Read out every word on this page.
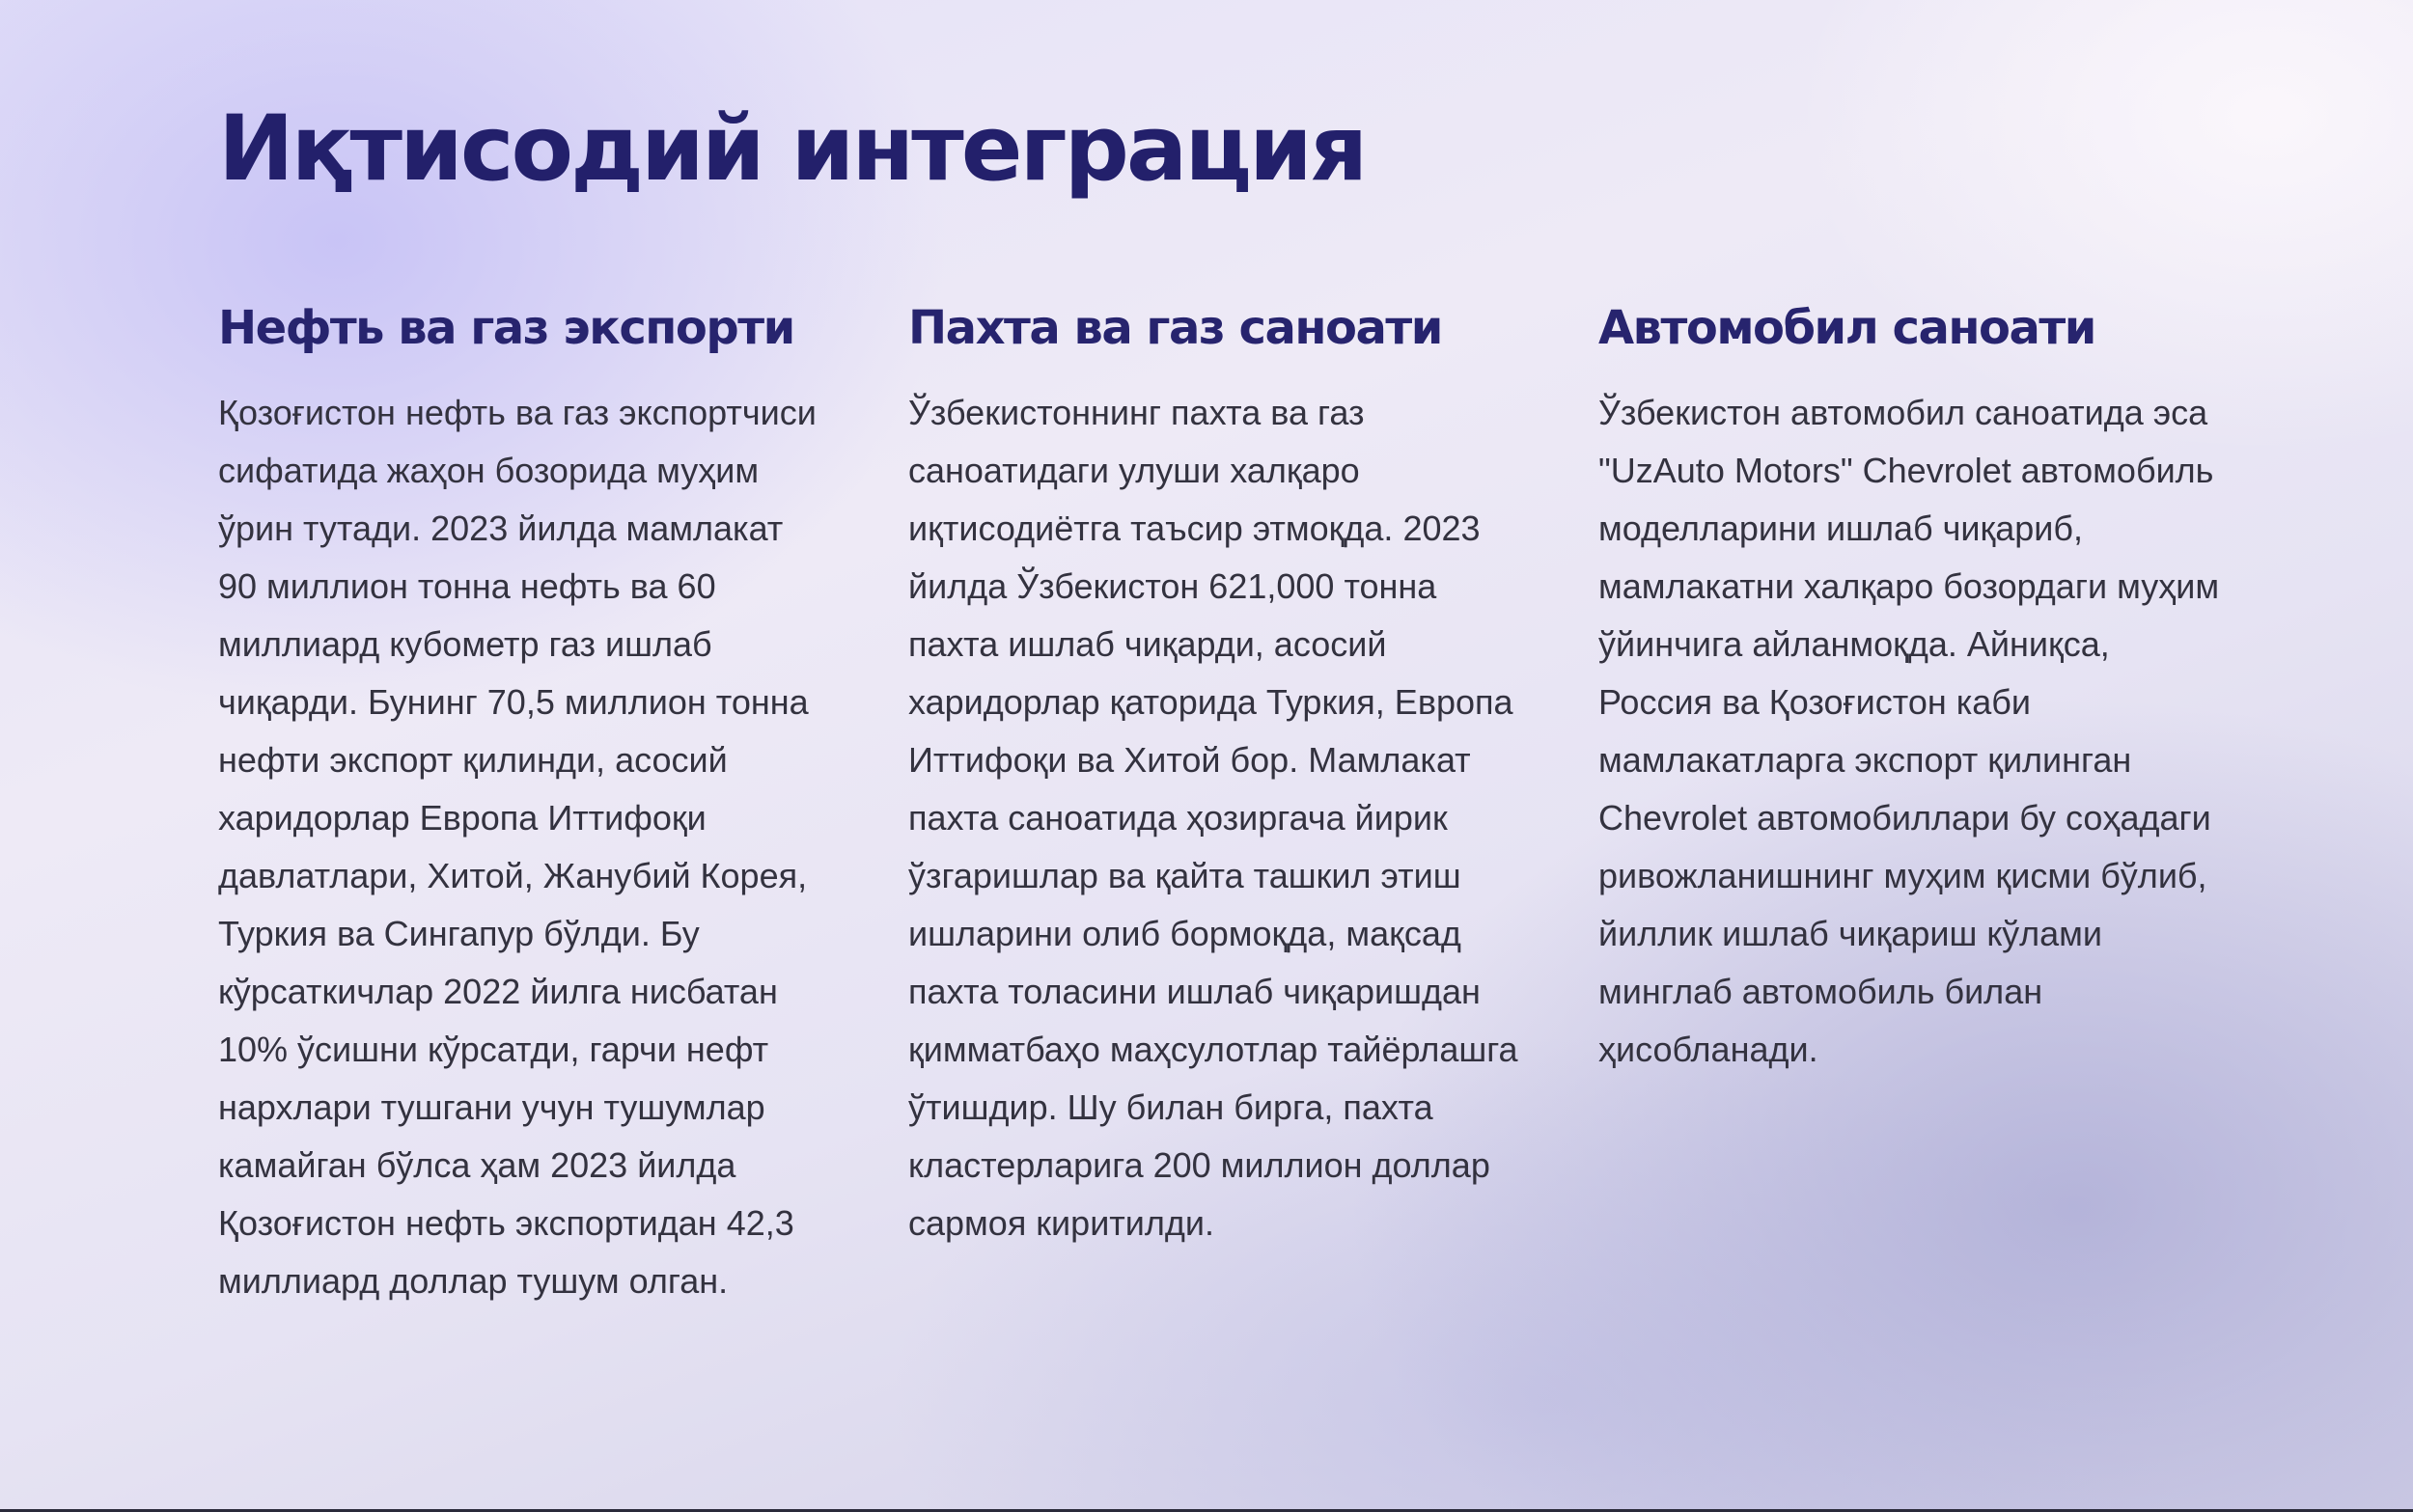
Иқтисодий интеграция
Нефть ва газ экспорти

Қозоғистон нефть ва газ экспортчиси сифатида жаҳон бозорида муҳим ўрин тутади. 2023 йилда мамлакат 90 миллион тонна нефть ва 60 миллиард кубометр газ ишлаб чиқарди. Бунинг 70,5 миллион тонна нефти экспорт қилинди, асосий харидорлар Европа Иттифоқи давлатлари, Хитой, Жанубий Корея, Туркия ва Сингапур бўлди. Бу кўрсаткичлар 2022 йилга нисбатан 10% ўсишни кўрсатди, гарчи нефт нархлари тушгани учун тушумлар камайган бўлса ҳам 2023 йилда Қозоғистон нефть экспортидан 42,3 миллиард доллар тушум олган.

Пахта ва газ саноати

Ўзбекистоннинг пахта ва газ саноатидаги улуши халқаро иқтисодиётга таъсир этмоқда. 2023 йилда Ўзбекистон 621,000 тонна пахта ишлаб чиқарди, асосий харидорлар қаторида Туркия, Европа Иттифоқи ва Хитой бор. Мамлакат пахта саноатида ҳозиргача йирик ўзгаришлар ва қайта ташкил этиш ишларини олиб бормоқда, мақсад пахта толасини ишлаб чиқаришдан қимматбаҳо маҳсулотлар тайёрлашга ўтишдир. Шу билан бирга, пахта кластерларига 200 миллион доллар сармоя киритилди.

Автомобил саноати

Ўзбекистон автомобил саноатида эса "UzAuto Motors" Chevrolet автомобиль моделларини ишлаб чиқариб, мамлакатни халқаро бозордаги муҳим ўйинчига айланмоқда. Айниқса, Россия ва Қозоғистон каби мамлакатларга экспорт қилинган Chevrolet автомобиллари бу соҳадаги ривожланишнинг муҳим қисми бўлиб, йиллик ишлаб чиқариш кўлами минглаб автомобиль билан ҳисобланади.
